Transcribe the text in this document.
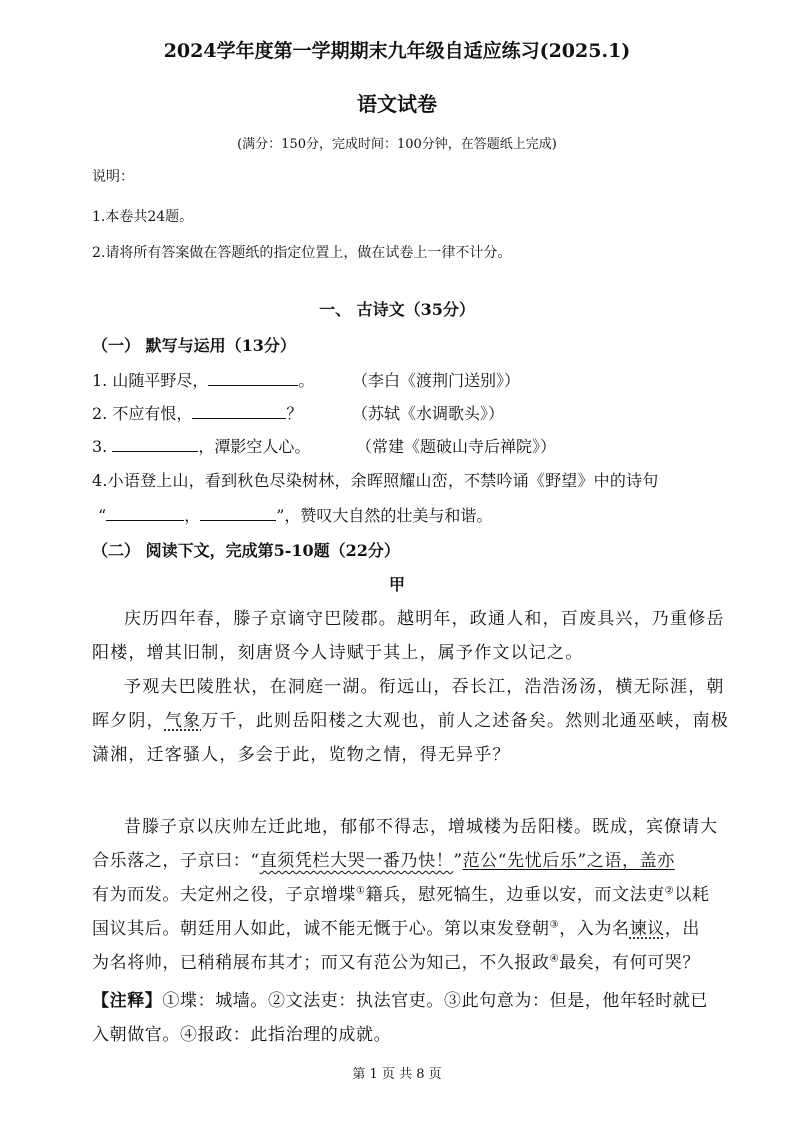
2024学年度第一学期期末九年级自适应练习(2025.1)
语文试卷
(满分：150分，完成时间：100分钟，在答题纸上完成)
说明：
1.本卷共24题。
2.请将所有答案做在答题纸的指定位置上，做在试卷上一律不计分。
一、 古诗文（35分）
（一） 默写与运用（13分）
1. 山随平野尽，	。 （李白《渡荆门送别》）
2. 不应有恨，	？	（苏轼《水调歌头》）
3.	，潭影空人心。	（常建《题破山寺后禅院》）
4.小语登上山，看到秋色尽染树林，余晖照耀山峦，不禁吟诵《野望》中的诗句
“	，	”，赞叹大自然的壮美与和谐。
（二） 阅读下文，完成第5-10题（22分）
甲
庆历四年春，滕子京谪守巴陵郡。越明年，政通人和，百废具兴，乃重修岳
阳楼，增其旧制，刻唐贤今人诗赋于其上，属予作文以记之。
予观夫巴陵胜状，在洞庭一湖。衔远山，吞长江，浩浩汤汤，横无际涯，朝
晖夕阴，气象万千，此则岳阳楼之大观也，前人之述备矣。然则北通巫峡，南极
潇湘，迁客骚人，多会于此，览物之情，得无异乎？
昔滕子京以庆帅左迁此地，郁郁不得志，增城楼为岳阳楼。既成，宾僚请大
合乐落之，子京曰：“直须凭栏大哭一番乃快！”范公“先忧后乐”之语，盖亦
有为而发。夫定州之役，子京增堞①籍兵，慰死犒生，边垂以安，而文法吏②以耗
国议其后。朝廷用人如此，诚不能无慨于心。第以束发登朝③，入为名谏议，出
为名将帅，已稍稍展布其才；而又有范公为知己，不久报政④最矣，有何可哭？
【注释】①堞：城墙。②文法吏：执法官吏。③此句意为：但是，他年轻时就已
入朝做官。④报政：此指治理的成就。
第 1 页 共 8 页
